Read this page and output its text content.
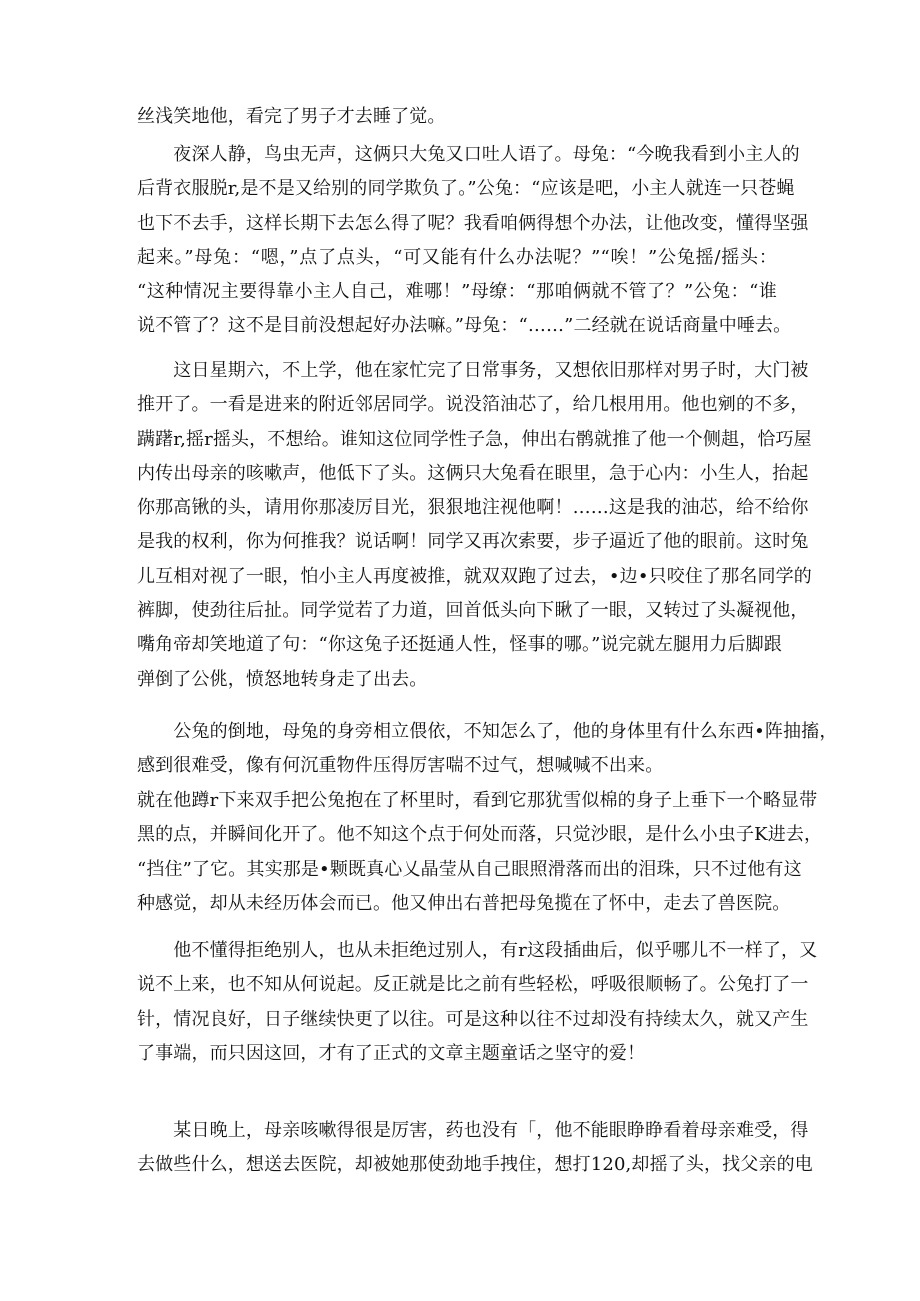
丝浅笑地他，看完了男子才去睡了觉。
　　夜深人静，鸟虫无声，这俩只大兔又口吐人语了。母兔：“今晚我看到小主人的
后背衣服脱r,是不是又给别的同学欺负了。”公兔：“应该是吧，小主人就连一只苍蝇
也下不去手，这样长期下去怎么得了呢？我看咱俩得想个办法，让他改变，懂得坚强
起来。”母兔：“嗯，”点了点头，“可又能有什么办法呢？”“唉！”公兔摇/摇头：
“这种情况主要得靠小主人自己，难哪！”母缭：“那咱俩就不管了？”公兔：“谁
说不管了？这不是目前没想起好办法嘛。”母兔：“……”二经就在说话商量中唾去。
　　这日星期六，不上学，他在家忙完了日常事务，又想依旧那样对男子时，大门被
推开了。一看是进来的附近邻居同学。说没箔油芯了，给几根用用。他也剜的不多，
蹒躇r,摇r摇头，不想给。谁知这位同学性子急，伸出右鹘就推了他一个侧趄，恰巧屋
内传出母亲的咳嗽声，他低下了头。这俩只大兔看在眼里，急于心内：小生人，抬起
你那高锹的头，请用你那凌厉目光，狠狠地注视他啊！……这是我的油芯，给不给你
是我的权利，你为何推我？说话啊！同学又再次索要，步子逼近了他的眼前。这时兔
儿互相对视了一眼，怕小主人再度被推，就双双跑了过去，•边•只咬住了那名同学的
裤脚，使劲往后扯。同学觉若了力道，回首低头向下瞅了一眼，又转过了头凝视他，
嘴角帝却笑地道了句：“你这兔子还挺通人性，怪事的哪。”说完就左腿用力后脚跟
弹倒了公佻，愤怒地转身走了出去。
　　公兔的倒地，母兔的身旁相立偎依，不知怎么了，他的身体里有什么东西•阵抽搐，
感到很难受，像有何沉重物件压得厉害喘不过气，想喊喊不出来。
就在他蹲r下来双手把公兔抱在了杯里时，看到它那犹雪似棉的身子上垂下一个略显带
黑的点，并瞬间化开了。他不知这个点于何处而落，只觉沙眼，是什么小虫子K进去，
“挡住”了它。其实那是•颗既真心乂晶莹从自己眼照滑落而出的泪珠，只不过他有这
种感觉，却从未经历体会而已。他又伸出右普把母兔揽在了怀中，走去了兽医院。
　　他不懂得拒绝别人，也从未拒绝过别人，有r这段插曲后，似乎哪儿不一样了，又
说不上来，也不知从何说起。反正就是比之前有些轻松，呼吸很顺畅了。公兔打了一
针，情况良好，日子继续快更了以往。可是这种以往不过却没有持续太久，就又产生
了事端，而只因这回，才有了正式的文章主题童话之坚守的爱！
　　某日晚上，母亲咳嗽得很是厉害，药也没有「，他不能眼睁睁看着母亲难受，得
去做些什么，想送去医院，却被她那使劲地手拽住，想打120,却摇了头，找父亲的电
